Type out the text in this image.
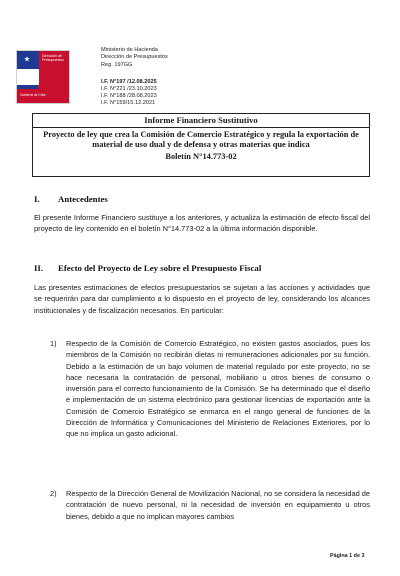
Dirección de Presupuestos
Gobierno de Chile
Ministerio de Hacienda
Dirección de Presupuestos
Reg. 197GG
I.F. N°197 /12.08.2025
I.F. N°221 /23.10.2023
I.F. N°188 /28.08.2023
I.F. N°159/15.12.2021
Informe Financiero Sustitutivo
Proyecto de ley que crea la Comisión de Comercio Estratégico y regula la exportación de material de uso dual y de defensa y otras materias que indica
Boletín N°14.773-02
I. Antecedentes
El presente Informe Financiero sustituye a los anteriores, y actualiza la estimación de efecto fiscal del proyecto de ley contenido en el boletín N°14.773-02 a la última información disponible.
II. Efecto del Proyecto de Ley sobre el Presupuesto Fiscal
Las presentes estimaciones de efectos presupuestarios se sujetan a las acciones y actividades que se requerirán para dar cumplimiento a lo dispuesto en el proyecto de ley, considerando los alcances institucionales y de fiscalización necesarios. En particular:
1) Respecto de la Comisión de Comercio Estratégico, no existen gastos asociados, pues los miembros de la Comisión no recibirán dietas ni remuneraciones adicionales por su función. Debido a la estimación de un bajo volumen de material regulado por este proyecto, no se hace necesaria la contratación de personal, mobiliario u otros bienes de consumo o inversión para el correcto funcionamiento de la Comisión. Se ha determinado que el diseño e implementación de un sistema electrónico para gestionar licencias de exportación ante la Comisión de Comercio Estratégico se enmarca en el rango general de funciones de la Dirección de Informática y Comunicaciones del Ministerio de Relaciones Exteriores, por lo que no implica un gasto adicional.
2) Respecto de la Dirección General de Movilización Nacional, no se considera la necesidad de contratación de nuevo personal, ni la necesidad de inversión en equipamiento u otros bienes, debido a que no implican mayores cambios
Página 1 de 3
